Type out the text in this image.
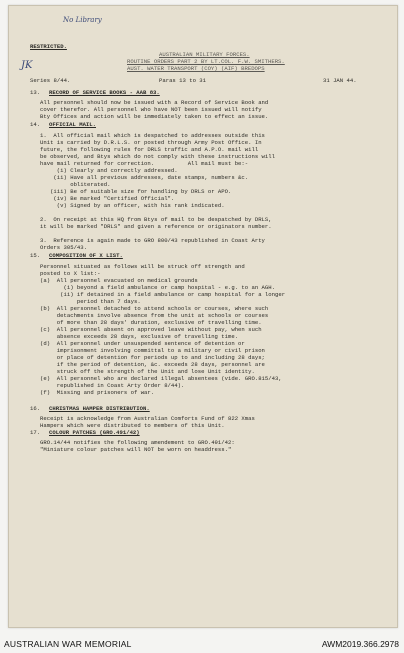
No Library
JK
RESTRICTED.
AUSTRALIAN MILITARY FORCES.
ROUTINE ORDERS PART 2 BY LT.COL. F.W. SMITHERS.
AUST. WATER TRANSPORT (COY) (AIF) BREDOPS
Series 8/44.	Paras 13 to 31	31 JAN 44.
13. RECORD OF SERVICE BOOKS - AAB 83.
All personnel should now be issued with a Record of Service Book and
cover therefor. All personnel who have NOT been issued will notify
Bty Offices and action will be immediately taken to effect an issue.
14. OFFICIAL MAIL.
1.  All official mail which is despatched to addresses outside this
Unit is carried by D.R.L.S. or posted through Army Post Office. In
future, the following rules for DRLS traffic and A.P.O. mail will
be observed, and Btys which do not comply with these instructions will
have mail returned for correction.          All mail must be:-
(i) Clearly and correctly addressed.
(ii) Have all previous addresses, date stamps, numbers &c.
obliterated.
(iii) Be of suitable size for handling by DRLS or APO.
(iv) Be marked "Certified Official".
(v) Signed by an officer, with his rank indicated.
2.  On receipt at this HQ from Btys of mail to be despatched by DRLS,
it will be marked "DRLS" and given a reference or originators number.
3.  Reference is again made to GRO 800/43 republished in Coast Arty
Orders 305/43.
15. COMPOSITION OF X LIST.
Personnel situated as follows will be struck off strength and
posted to X list:-
(a)  All personnel evacuated on medical grounds
(i) beyond a field ambulance or camp hospital - e.g. to an AGH.
(ii) if detained in a field ambulance or camp hospital for a longer
period than 7 days.
(b)  All personnel detached to attend schools or courses, where such
detachments involve absence from the unit at schools or courses
of more than 28 days' duration, exclusive of travelling time.
(c)  All personnel absent on approved leave without pay, when such
absence exceeds 28 days, exclusive of travelling time.
(d)  All personnel under unsuspended sentence of detention or
imprisonment involving committal to a military or civil prison
or place of detention for periods up to and including 28 days;
if the period of detention, &c. exceeds 28 days, personnel are
struck off the strength of the Unit and lose Unit identity.
(e)  All personnel who are declared illegal absentees (vide. GRO.815/43,
republished in Coast Arty Order 8/44).
(f)  Missing and prisoners of war.
16. CHRISTMAS HAMPER DISTRIBUTION.
Receipt is acknowledge from Australian Comforts Fund of 822 Xmas
Hampers which were distributed to members of this Unit.
17. COLOUR PATCHES (GRO.491/42)
GRO.14/44 notifies the following amendement to GRO.491/42:
"Miniature colour patches will NOT be worn on headdress."
AUSTRALIAN WAR MEMORIAL	AWM2019.366.2978
